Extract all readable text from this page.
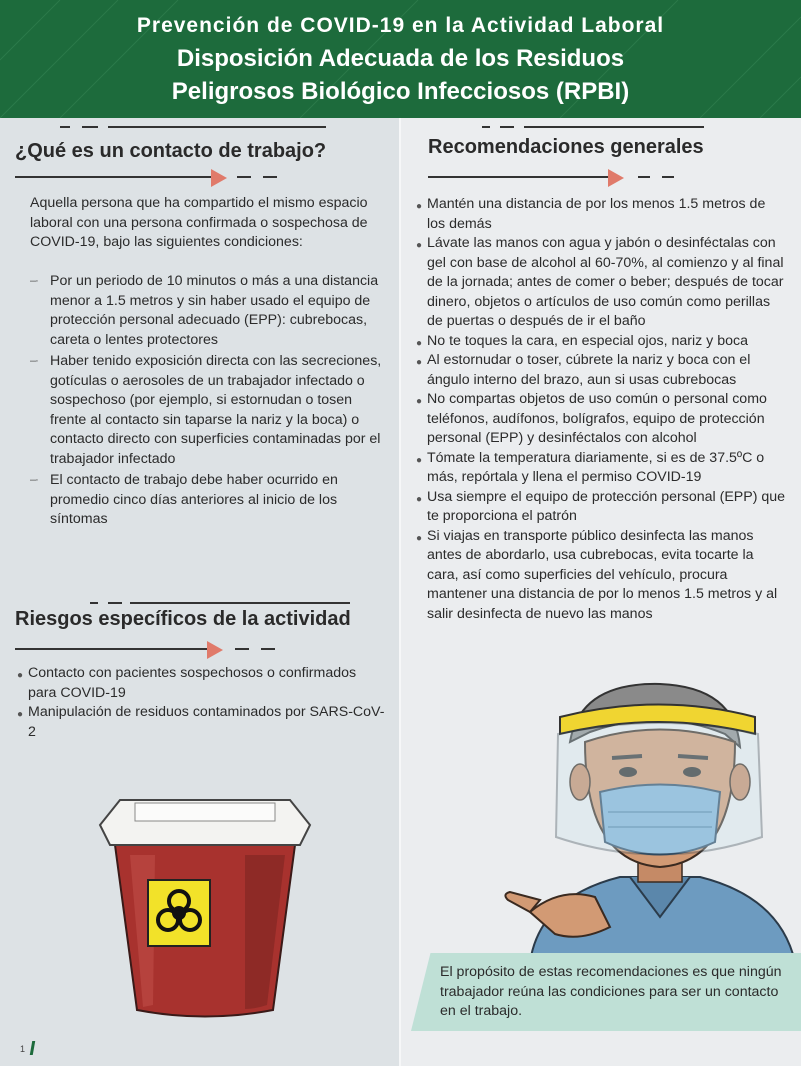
Prevención de COVID-19 en la Actividad Laboral
Disposición Adecuada de los Residuos
Peligrosos Biológico Infecciosos (RPBI)
¿Qué es un contacto de trabajo?
Aquella persona que ha compartido el mismo espacio laboral con una persona confirmada o sospechosa de COVID-19, bajo las siguientes condiciones:
–· Por un periodo de 10 minutos o más a una distancia menor a 1.5 metros y sin haber usado el equipo de protección personal adecuado (EPP): cubrebocas, careta o lentes protectores
–· Haber tenido exposición directa con las secreciones, gotículas o aerosoles de un trabajador infectado o sospechoso (por ejemplo, si estornudan o tosen frente al contacto sin taparse la nariz y la boca) o contacto directo con superficies contaminadas por el trabajador infectado
–· El contacto de trabajo debe haber ocurrido en promedio cinco días anteriores al inicio de los síntomas
Riesgos específicos de la actividad
● Contacto con pacientes sospechosos o confirmados para COVID-19
● Manipulación de residuos contaminados por SARS-CoV-2
Recomendaciones generales
● Mantén una distancia de por los menos 1.5 metros de los demás
● Lávate las manos con agua y jabón o desinféctalas con gel con base de alcohol al 60-70%, al comienzo y al final de la jornada; antes de comer o beber; después de tocar dinero, objetos o artículos de uso común como perillas de puertas o después de ir el baño
● No te toques la cara, en especial ojos, nariz y boca
● Al estornudar o toser, cúbrete la nariz y boca con el ángulo interno del brazo, aun si usas cubrebocas
● No compartas objetos de uso común o personal como teléfonos, audífonos, bolígrafos, equipo de protección personal (EPP) y desinféctalos con alcohol
● Tómate la temperatura diariamente, si es de 37.5ºC o más, repórtala y llena el permiso COVID-19
● Usa siempre el equipo de protección personal (EPP) que te proporciona el patrón
● Si viajas en transporte público desinfecta las manos antes de abordarlo, usa cubrebocas, evita tocarte la cara, así como superficies del vehículo, procura mantener una distancia de por lo menos 1.5 metros y al salir desinfecta de nuevo las manos
El propósito de estas recomendaciones es que ningún trabajador reúna las condiciones para ser un contacto en el trabajo.
1
